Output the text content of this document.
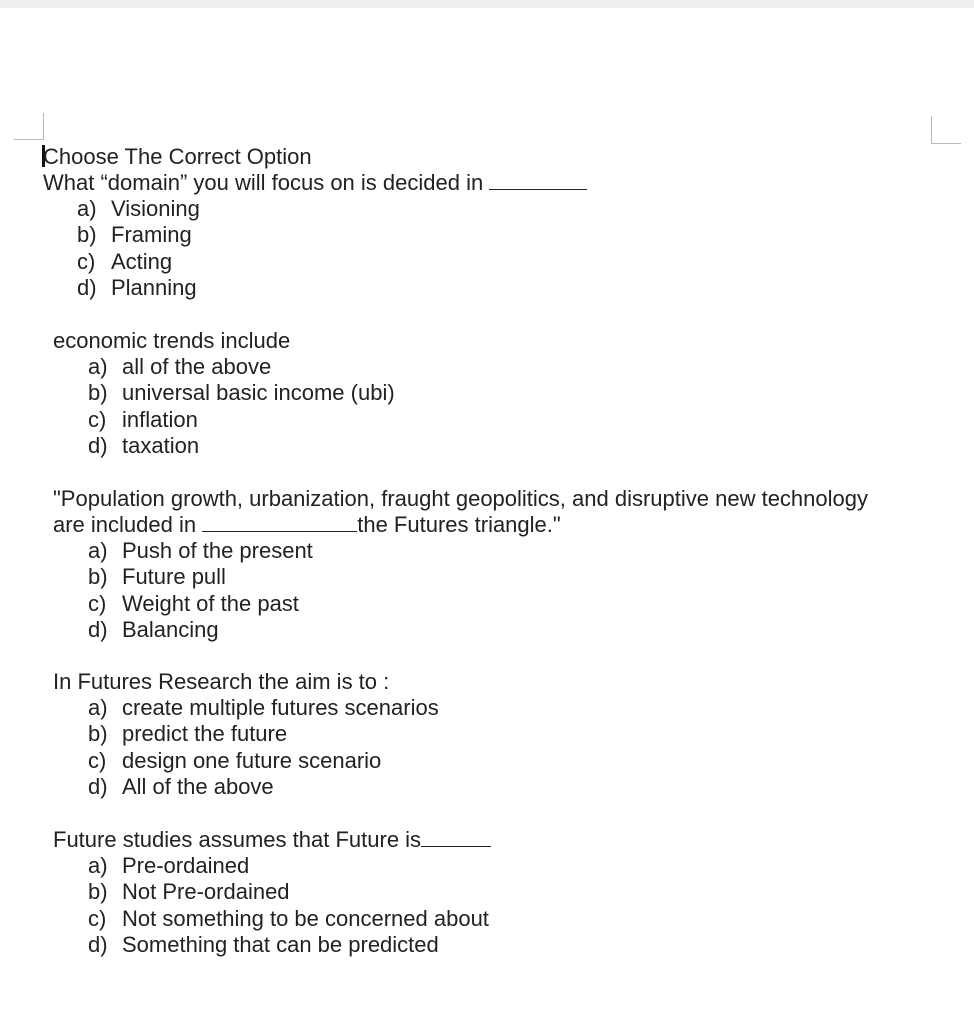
Choose The Correct Option
What “domain” you will focus on is decided in
a) Visioning
b) Framing
c) Acting
d) Planning
economic trends include
a) all of the above
b) universal basic income (ubi)
c) inflation
d) taxation
"Population growth, urbanization, fraught geopolitics, and disruptive new technology
are included in	the Futures triangle."
a) Push of the present
b) Future pull
c) Weight of the past
d) Balancing
In Futures Research the aim is to :
a) create multiple futures scenarios
b) predict the future
c) design one future scenario
d) All of the above
Future studies assumes that Future is
a) Pre-ordained
b) Not Pre-ordained
c) Not something to be concerned about
d) Something that can be predicted
